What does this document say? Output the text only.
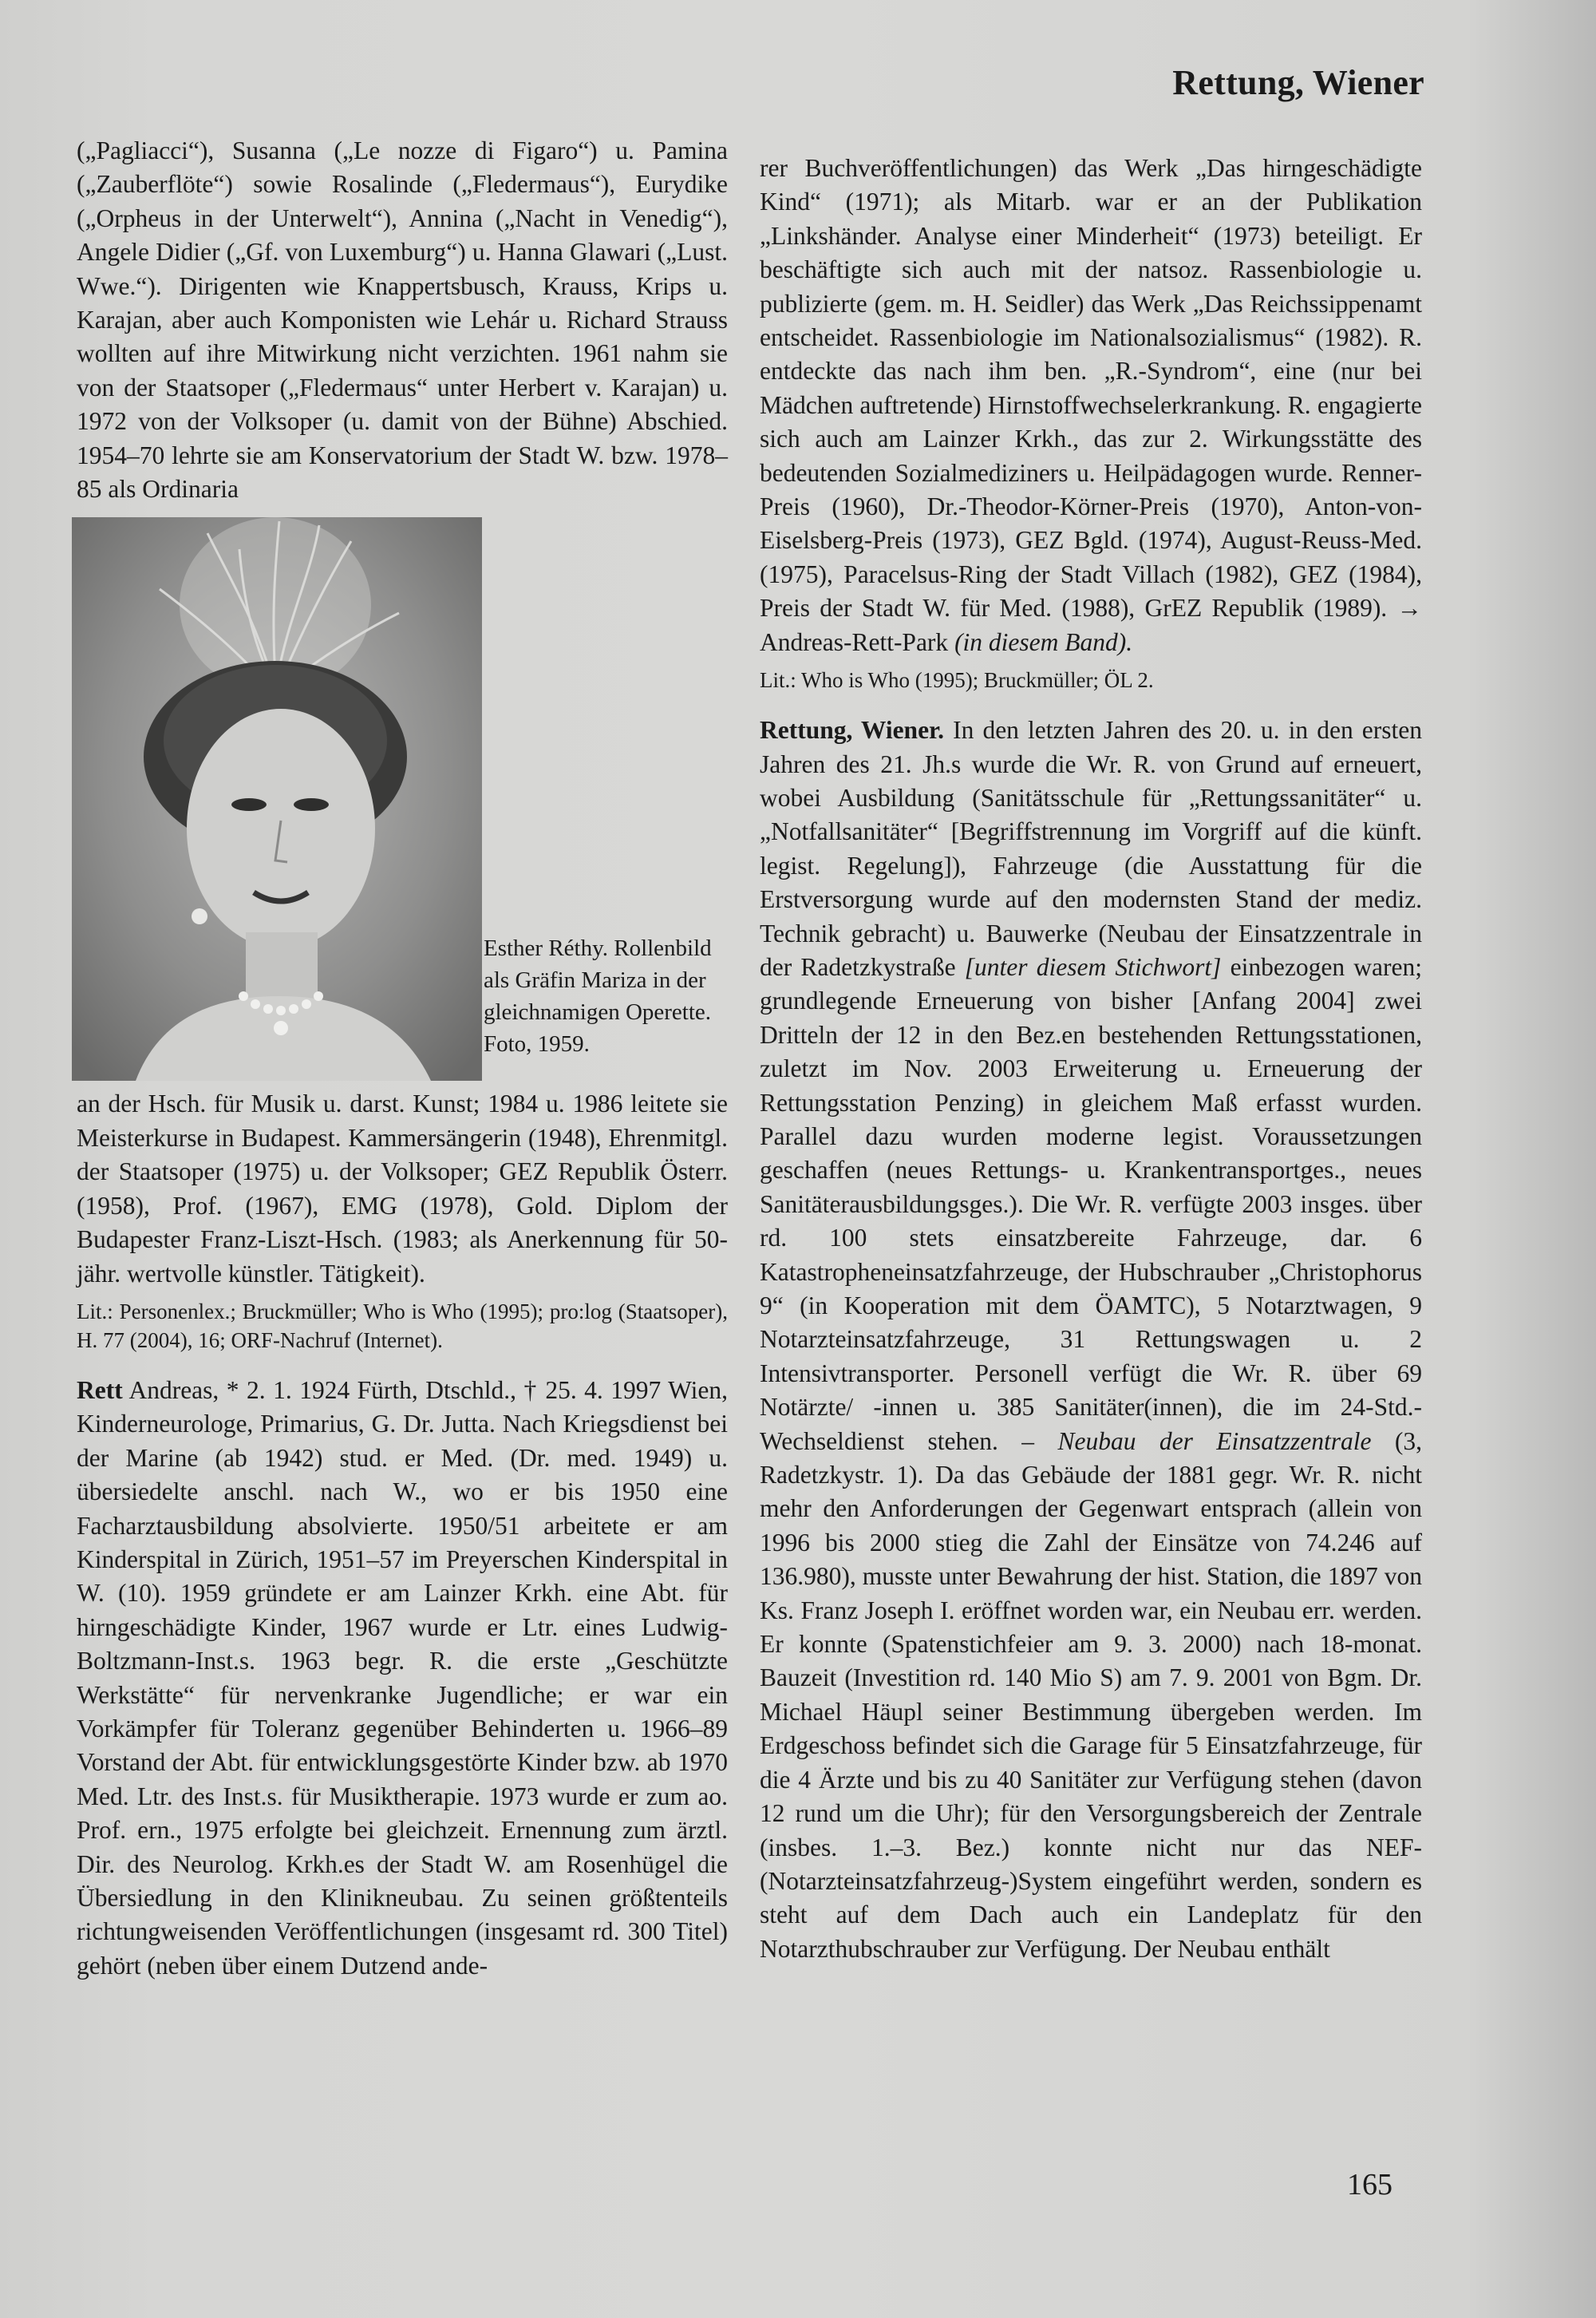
Rettung, Wiener

(„Pagliacci“), Susanna („Le nozze di Figaro“) u. Pamina („Zauberflöte“) sowie Rosalinde („Fledermaus“), Eurydike („Orpheus in der Unterwelt“), Annina („Nacht in Venedig“), Angele Didier („Gf. von Luxemburg“) u. Hanna Glawari („Lust. Wwe.“). Dirigenten wie Knappertsbusch, Krauss, Krips u. Karajan, aber auch Komponisten wie Lehár u. Richard Strauss wollten auf ihre Mitwirkung nicht verzichten. 1961 nahm sie von der Staatsoper („Fledermaus“ unter Herbert v. Karajan) u. 1972 von der Volksoper (u. damit von der Bühne) Abschied. 1954–70 lehrte sie am Konservatorium der Stadt W. bzw. 1978–85 als Ordinaria

Esther Réthy. Rollenbild als Gräfin Mariza in der gleichnamigen Operette. Foto, 1959.

an der Hsch. für Musik u. darst. Kunst; 1984 u. 1986 leitete sie Meisterkurse in Budapest. Kammersängerin (1948), Ehrenmitgl. der Staatsoper (1975) u. der Volksoper; GEZ Republik Österr. (1958), Prof. (1967), EMG (1978), Gold. Diplom der Budapester Franz-Liszt-Hsch. (1983; als Anerkennung für 50-jähr. wertvolle künstler. Tätigkeit).

Lit.: Personenlex.; Bruckmüller; Who is Who (1995); pro:log (Staatsoper), H. 77 (2004), 16; ORF-Nachruf (Internet).

Rett Andreas, * 2. 1. 1924 Fürth, Dtschld., † 25. 4. 1997 Wien, Kinderneurologe, Primarius, G. Dr. Jutta. Nach Kriegsdienst bei der Marine (ab 1942) stud. er Med. (Dr. med. 1949) u. übersiedelte anschl. nach W., wo er bis 1950 eine Facharztausbildung absolvierte. 1950/51 arbeitete er am Kinderspital in Zürich, 1951–57 im Preyerschen Kinderspital in W. (10). 1959 gründete er am Lainzer Krkh. eine Abt. für hirngeschädigte Kinder, 1967 wurde er Ltr. eines Ludwig-Boltzmann-Inst.s. 1963 begr. R. die erste „Geschützte Werkstätte“ für nervenkranke Jugendliche; er war ein Vorkämpfer für Toleranz gegenüber Behinderten u. 1966–89 Vorstand der Abt. für entwicklungsgestörte Kinder bzw. ab 1970 Med. Ltr. des Inst.s. für Musiktherapie. 1973 wurde er zum ao. Prof. ern., 1975 erfolgte bei gleichzeit. Ernennung zum ärztl. Dir. des Neurolog. Krkh.es der Stadt W. am Rosenhügel die Übersiedlung in den Klinikneubau. Zu seinen größtenteils richtungweisenden Veröffentlichungen (insgesamt rd. 300 Titel) gehört (neben über einem Dutzend ande-

rer Buchveröffentlichungen) das Werk „Das hirngeschädigte Kind“ (1971); als Mitarb. war er an der Publikation „Linkshänder. Analyse einer Minderheit“ (1973) beteiligt. Er beschäftigte sich auch mit der natsoz. Rassenbiologie u. publizierte (gem. m. H. Seidler) das Werk „Das Reichssippenamt entscheidet. Rassenbiologie im Nationalsozialismus“ (1982). R. entdeckte das nach ihm ben. „R.-Syndrom“, eine (nur bei Mädchen auftretende) Hirnstoffwechselerkrankung. R. engagierte sich auch am Lainzer Krkh., das zur 2. Wirkungsstätte des bedeutenden Sozialmediziners u. Heilpädagogen wurde. Renner-Preis (1960), Dr.-Theodor-Körner-Preis (1970), Anton-von-Eiselsberg-Preis (1973), GEZ Bgld. (1974), August-Reuss-Med. (1975), Paracelsus-Ring der Stadt Villach (1982), GEZ (1984), Preis der Stadt W. für Med. (1988), GrEZ Republik (1989). → Andreas-Rett-Park (in diesem Band).

Lit.: Who is Who (1995); Bruckmüller; ÖL 2.

Rettung, Wiener. In den letzten Jahren des 20. u. in den ersten Jahren des 21. Jh.s wurde die Wr. R. von Grund auf erneuert, wobei Ausbildung (Sanitätsschule für „Rettungssanitäter“ u. „Notfallsanitäter“ [Begriffstrennung im Vorgriff auf die künft. legist. Regelung]), Fahrzeuge (die Ausstattung für die Erstversorgung wurde auf den modernsten Stand der mediz. Technik gebracht) u. Bauwerke (Neubau der Einsatzzentrale in der Radetzkystraße [unter diesem Stichwort] einbezogen waren; grundlegende Erneuerung von bisher [Anfang 2004] zwei Dritteln der 12 in den Bez.en bestehenden Rettungsstationen, zuletzt im Nov. 2003 Erweiterung u. Erneuerung der Rettungsstation Penzing) in gleichem Maß erfasst wurden. Parallel dazu wurden moderne legist. Voraussetzungen geschaffen (neues Rettungs- u. Krankentransportges., neues Sanitäterausbildungsges.). Die Wr. R. verfügte 2003 insges. über rd. 100 stets einsatzbereite Fahrzeuge, dar. 6 Katastropheneinsatzfahrzeuge, der Hubschrauber „Christophorus 9“ (in Kooperation mit dem ÖAMTC), 5 Notarztwagen, 9 Notarzteinsatzfahrzeuge, 31 Rettungswagen u. 2 Intensivtransporter. Personell verfügt die Wr. R. über 69 Notärzte/ -innen u. 385 Sanitäter(innen), die im 24-Std.-Wechseldienst stehen. – Neubau der Einsatzzentrale (3, Radetzkystr. 1). Da das Gebäude der 1881 gegr. Wr. R. nicht mehr den Anforderungen der Gegenwart entsprach (allein von 1996 bis 2000 stieg die Zahl der Einsätze von 74.246 auf 136.980), musste unter Bewahrung der hist. Station, die 1897 von Ks. Franz Joseph I. eröffnet worden war, ein Neubau err. werden. Er konnte (Spatenstichfeier am 9. 3. 2000) nach 18-monat. Bauzeit (Investition rd. 140 Mio S) am 7. 9. 2001 von Bgm. Dr. Michael Häupl seiner Bestimmung übergeben werden. Im Erdgeschoss befindet sich die Garage für 5 Einsatzfahrzeuge, für die 4 Ärzte und bis zu 40 Sanitäter zur Verfügung stehen (davon 12 rund um die Uhr); für den Versorgungsbereich der Zentrale (insbes. 1.–3. Bez.) konnte nicht nur das NEF-(Notarzteinsatzfahrzeug-)System eingeführt werden, sondern es steht auf dem Dach auch ein Landeplatz für den Notarzthubschrauber zur Verfügung. Der Neubau enthält

165
